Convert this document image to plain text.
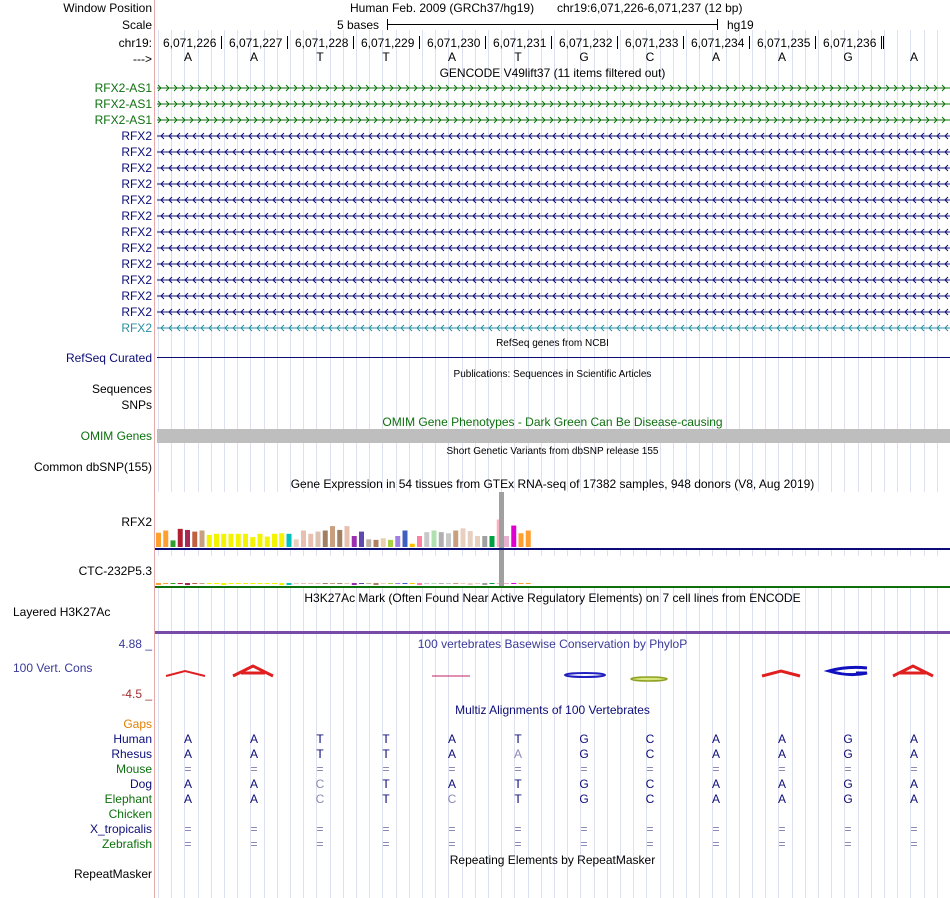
Window Position
Scale
chr19:
--->
Human Feb. 2009 (GRCh37/hg19) chr19:6,071,226-6,071,237 (12 bp)
5 bases	hg19
6,071,226 6,071,227 6,071,228 6,071,229 6,071,230 6,071,231 6,071,232 6,071,233 6,071,234 6,071,235 6,071,236
A	A	T	T	A	T	G	C	A	A	G	A
GENCODE V49lift37 (11 items filtered out)
RFX2-AS1
RFX2-AS1
RFX2-AS1
RFX2
RFX2
RFX2
RFX2
RFX2
RFX2
RFX2
RFX2
RFX2
RFX2
RFX2
RFX2
RFX2
RefSeq genes from NCBI
RefSeq Curated
Publications: Sequences in Scientific Articles
Sequences
SNPs
OMIM Gene Phenotypes - Dark Green Can Be Disease-causing
OMIM Genes
Short Genetic Variants from dbSNP release 155
Common dbSNP(155)
Gene Expression in 54 tissues from GTEx RNA-seq of 17382 samples, 948 donors (V8, Aug 2019)
RFX2
CTC-232P5.3
H3K27Ac Mark (Often Found Near Active Regulatory Elements) on 7 cell lines from ENCODE
Layered H3K27Ac
100 vertebrates Basewise Conservation by PhyloP
4.88 _
100 Vert. Cons
-4.5 _
Multiz Alignments of 100 Vertebrates
Gaps
Human	A	A	T	T	A	T	G	C	A	A	G	A
Rhesus	A	A	T	T	A	A	G	C	A	A	G	A
Mouse	=	=	=	=	=	=	=	=	=	=	=	=
Dog	A	A	C	T	A	T	G	C	A	A	G	A
Elephant	A	A	C	T	C	T	G	C	A	A	G	A
Chicken
X_tropicalis	=	=	=	=	=	=	=	=	=	=	=	=
Zebrafish	=	=	=	=	=	=	=	=	=	=	=	=
Repeating Elements by RepeatMasker
RepeatMasker
